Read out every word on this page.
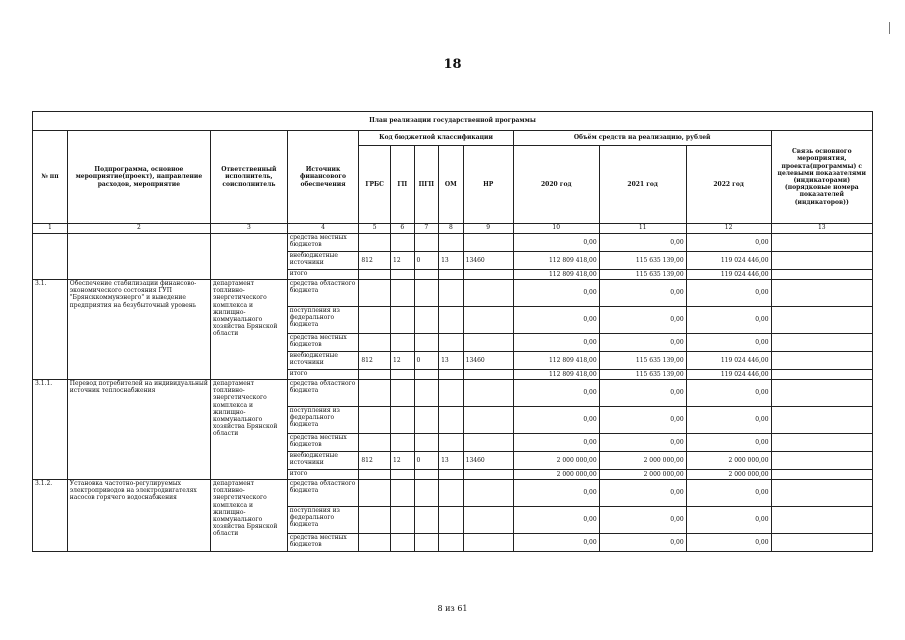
18
План реализации государственной программы												
№ пп	Подпрограмма, основное мероприятие(проект), направление расходов, мероприятие	Ответственный исполнитель, соисполнитель	Источник финансового обеспечения	Код бюджетной классификации					Объём средств на реализацию, рублей			Связь основного мероприятия, проекта(программы) с целевыми показателями (индикаторами) (порядковые номера показателей (индикаторов))
				ГРБС	ГП	ПГП	ОМ	НР	2020 год	2021 год	2022 год	
1	2	3	4	5	6	7	8	9	10	11	12	13
			средства местных бюджетов						0,00	0,00	0,00	
			внебюджетные источники	812	12	0	13	13460	112 809 418,00	115 635 139,00	119 024 446,00	
			итого						112 809 418,00	115 635 139,00	119 024 446,00	
3.1.	Обеспечение стабилизации финансово-экономического состояния ГУП "Брянсккоммунэнерго" и выведение предприятия на безубыточный уровень	департамент топливно-энергетического комплекса и жилищно-коммунального хозяйства Брянской области	средства областного бюджета						0,00	0,00	0,00	
			поступления из федерального бюджета						0,00	0,00	0,00	
			средства местных бюджетов						0,00	0,00	0,00	
			внебюджетные источники	812	12	0	13	13460	112 809 418,00	115 635 139,00	119 024 446,00	
			итого						112 809 418,00	115 635 139,00	119 024 446,00	
3.1.1.	Перевод потребителей на индивидуальный источник теплоснабжения	департамент топливно-энергетического комплекса и жилищно-коммунального хозяйства Брянской области	средства областного бюджета						0,00	0,00	0,00	
			поступления из федерального бюджета						0,00	0,00	0,00	
			средства местных бюджетов						0,00	0,00	0,00	
			внебюджетные источники	812	12	0	13	13460	2 000 000,00	2 000 000,00	2 000 000,00	
			итого						2 000 000,00	2 000 000,00	2 000 000,00	
3.1.2.	Установка частотно-регулируемых электроприводов на электродвигателях насосов горячего водоснабжения	департамент топливно-энергетического комплекса и жилищно-коммунального хозяйства Брянской области	средства областного бюджета						0,00	0,00	0,00	
			поступления из федерального бюджета						0,00	0,00	0,00	
			средства местных бюджетов						0,00	0,00	0,00	
8 из 61
